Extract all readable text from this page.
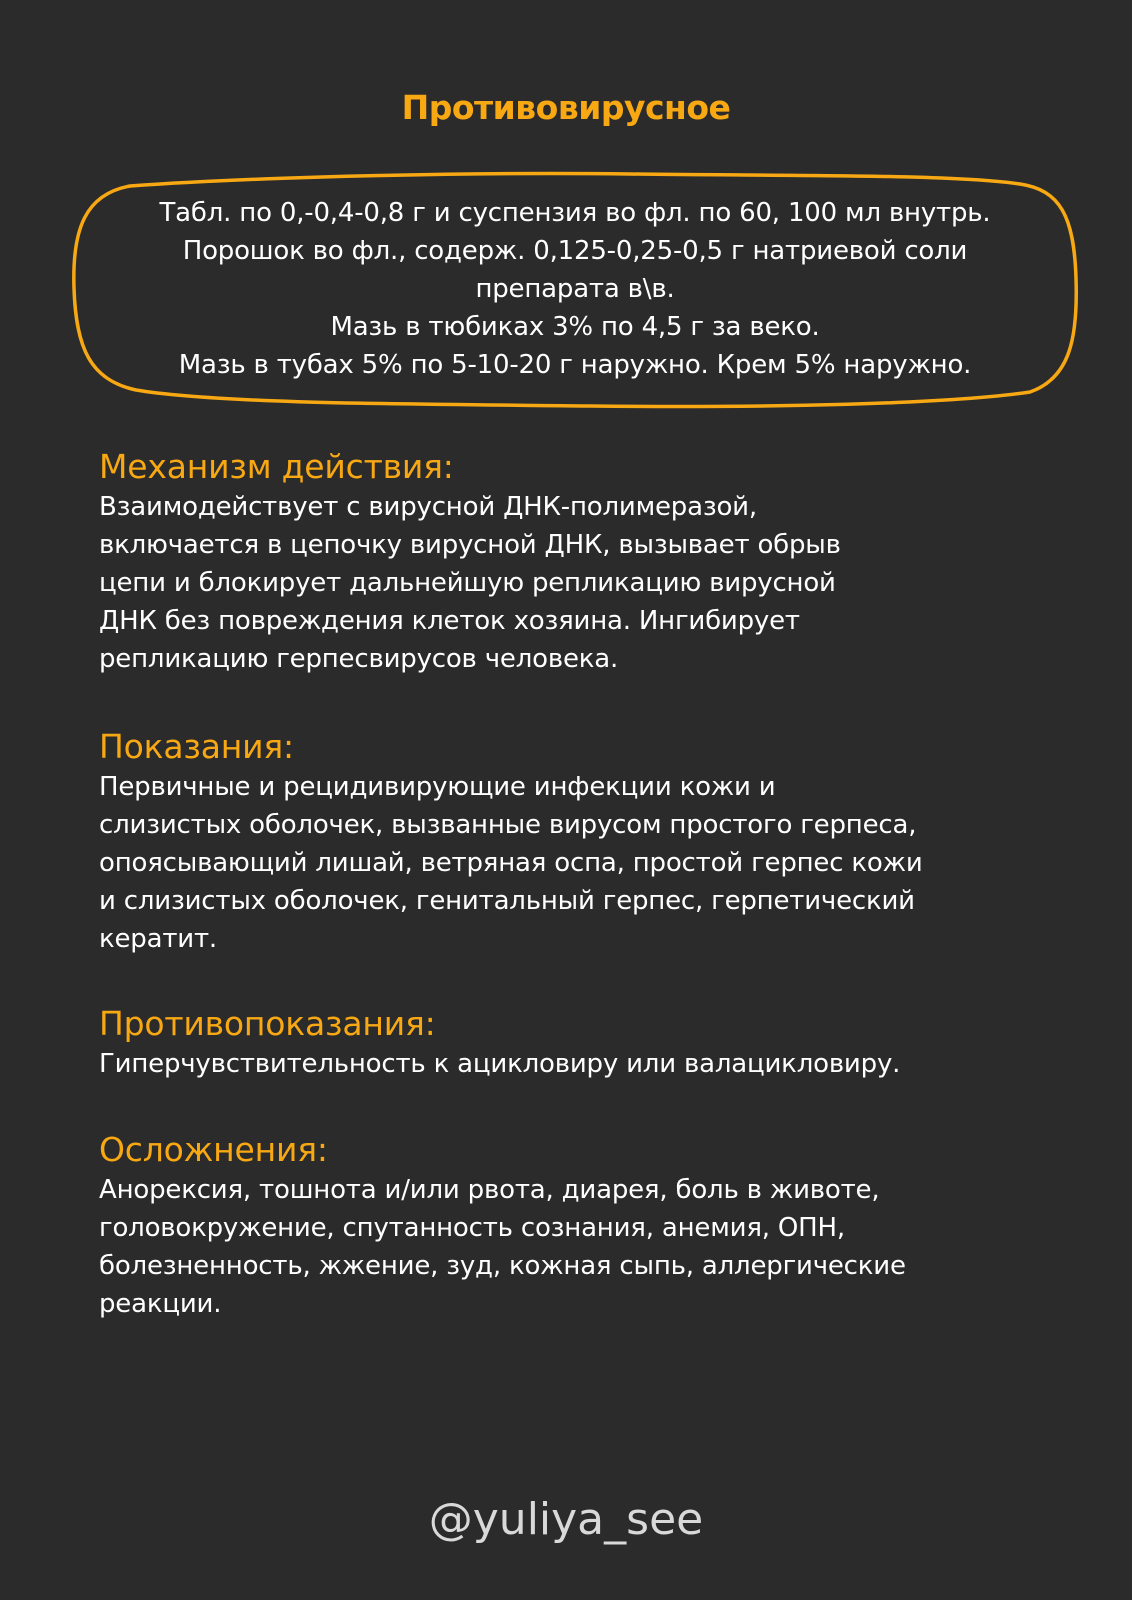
Противовирусное
Табл. по 0,-0,4-0,8 г и суспензия во фл. по 60, 100 мл внутрь.
Порошок во фл., содерж. 0,125-0,25-0,5 г натриевой соли
препарата в\в.
Мазь в тюбиках 3% по 4,5 г за веко.
Мазь в тубах 5% по 5-10-20 г наружно. Крем 5% наружно.
Механизм действия:

Взаимодействует с вирусной ДНК-полимеразой,
включается в цепочку вирусной ДНК, вызывает обрыв
цепи и блокирует дальнейшую репликацию вирусной
ДНК без повреждения клеток хозяина. Ингибирует
репликацию герпесвирусов человека.

Показания:

Первичные и рецидивирующие инфекции кожи и
слизистых оболочек, вызванные вирусом простого герпеса,
опоясывающий лишай, ветряная оспа, простой герпес кожи
и слизистых оболочек, генитальный герпес, герпетический
кератит.

Противопоказания:

Гиперчувствительность к ацикловиру или валацикловиру.

Осложнения:

Анорексия, тошнота и/или рвота, диарея, боль в животе,
головокружение, спутанность сознания, анемия, ОПН,
болезненность, жжение, зуд, кожная сыпь, аллергические
реакции.

@yuliya_see
